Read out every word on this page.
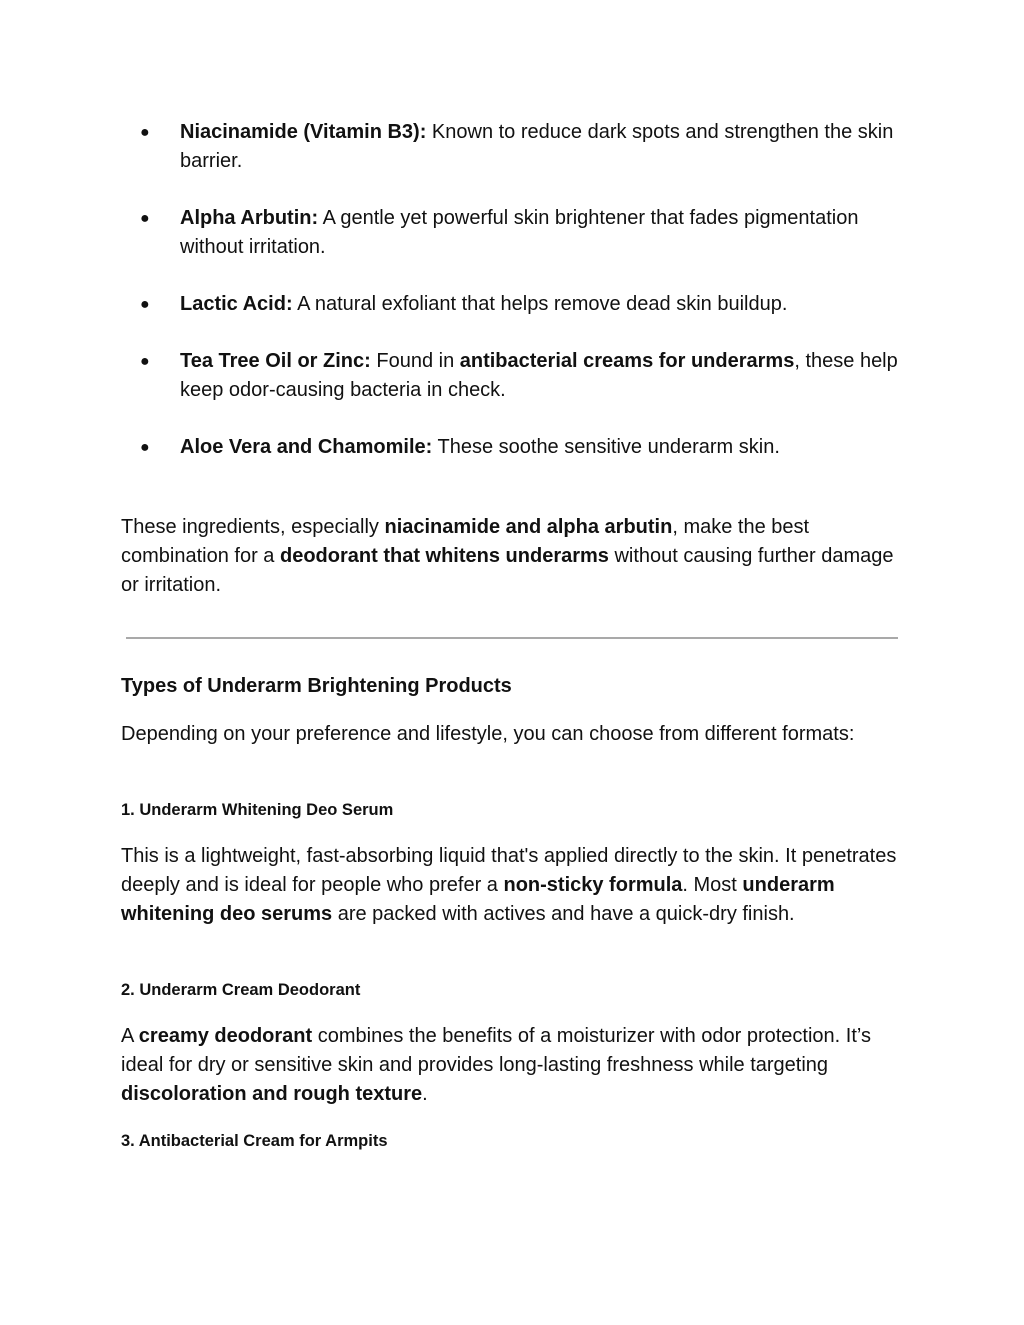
● Niacinamide (Vitamin B3): Known to reduce dark spots and strengthen the skin barrier.
● Alpha Arbutin: A gentle yet powerful skin brightener that fades pigmentation without irritation.
● Lactic Acid: A natural exfoliant that helps remove dead skin buildup.
● Tea Tree Oil or Zinc: Found in antibacterial creams for underarms, these help keep odor-causing bacteria in check.
● Aloe Vera and Chamomile: These soothe sensitive underarm skin.

These ingredients, especially niacinamide and alpha arbutin, make the best combination for a deodorant that whitens underarms without causing further damage or irritation.

Types of Underarm Brightening Products

Depending on your preference and lifestyle, you can choose from different formats:

1. Underarm Whitening Deo Serum

This is a lightweight, fast-absorbing liquid that's applied directly to the skin. It penetrates deeply and is ideal for people who prefer a non-sticky formula. Most underarm whitening deo serums are packed with actives and have a quick-dry finish.

2. Underarm Cream Deodorant

A creamy deodorant combines the benefits of a moisturizer with odor protection. It’s ideal for dry or sensitive skin and provides long-lasting freshness while targeting discoloration and rough texture.

3. Antibacterial Cream for Armpits
